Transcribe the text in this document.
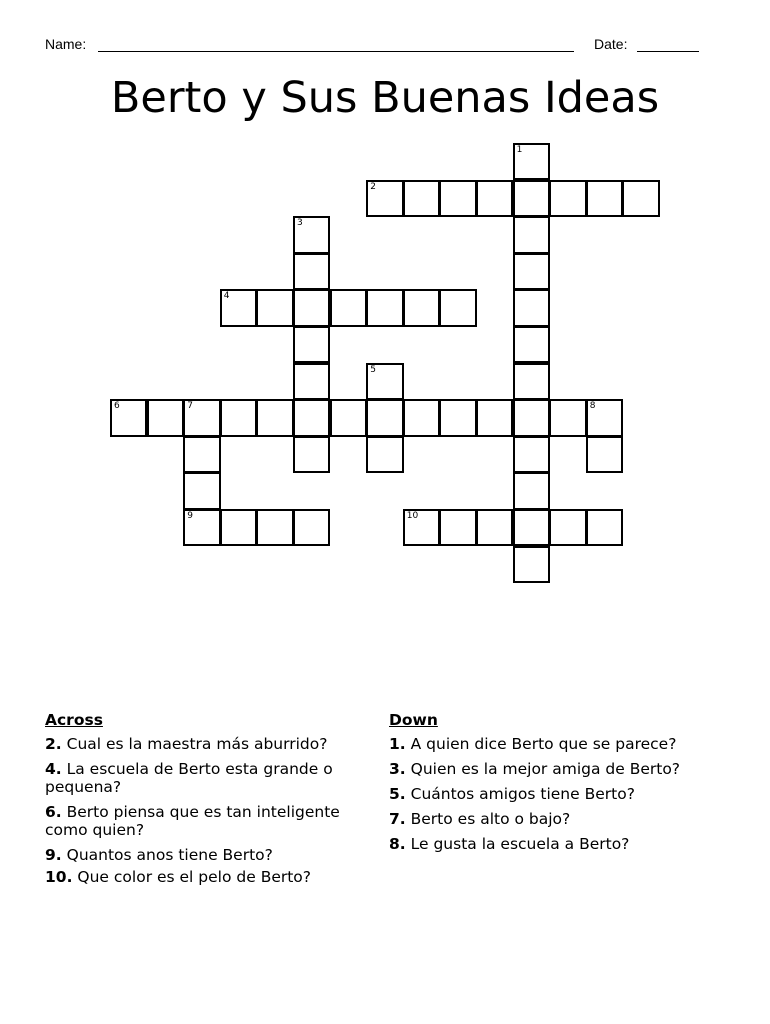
Name:	Date:
Berto y Sus Buenas Ideas
1
2
3
4
5
6	7	8
9	10
Across
2. Cual es la maestra más aburrido?
4. La escuela de Berto esta grande o pequena?
6. Berto piensa que es tan inteligente como quien?
9. Quantos anos tiene Berto?
10. Que color es el pelo de Berto?
Down
1. A quien dice Berto que se parece?
3. Quien es la mejor amiga de Berto?
5. Cuántos amigos tiene Berto?
7. Berto es alto o bajo?
8. Le gusta la escuela a Berto?
